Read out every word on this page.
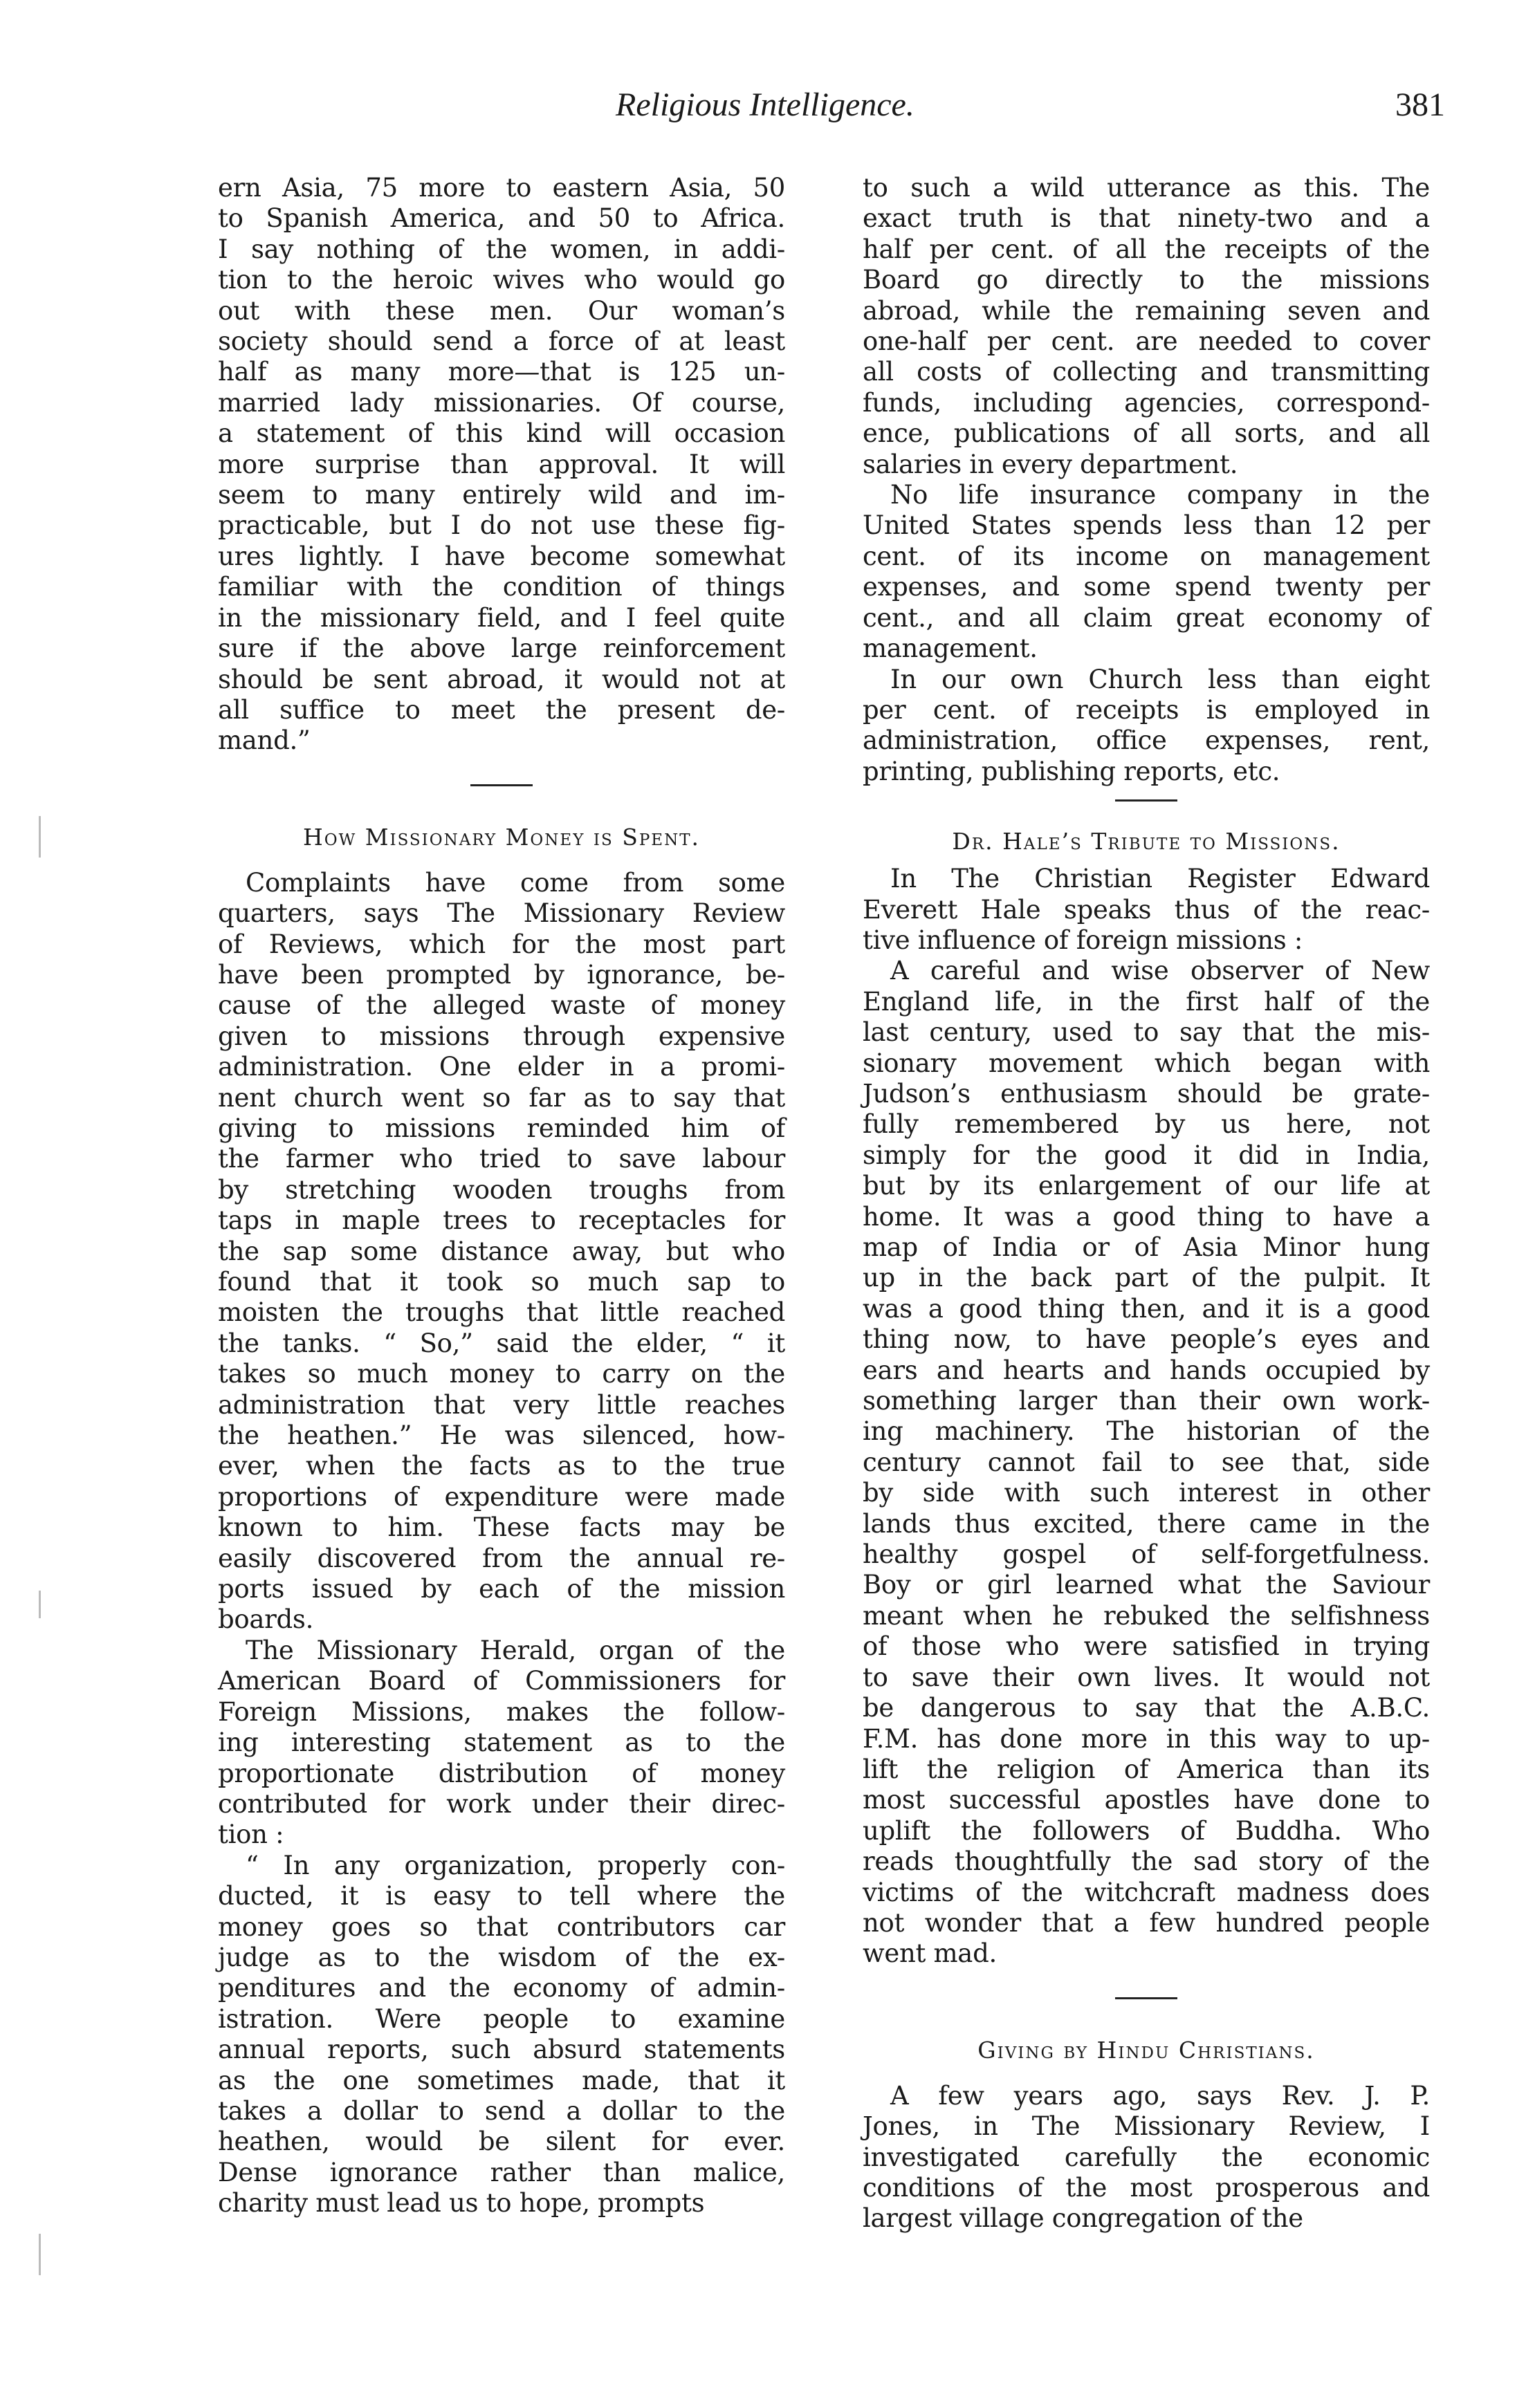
Religious Intelligence.	381
ern Asia, 75 more to eastern Asia, 50
to Spanish America, and 50 to Africa.
I say nothing of the women, in addi-
tion to the heroic wives who would go
out with these men. Our woman’s
society should send a force of at least
half as many more—that is 125 un-
married lady missionaries. Of course,
a statement of this kind will occasion
more surprise than approval. It will
seem to many entirely wild and im-
practicable, but I do not use these fig-
ures lightly. I have become somewhat
familiar with the condition of things
in the missionary field, and I feel quite
sure if the above large reinforcement
should be sent abroad, it would not at
all suffice to meet the present de-
mand.”
How Missionary Money is Spent.
Complaints have come from some
quarters, says The Missionary Review
of Reviews, which for the most part
have been prompted by ignorance, be-
cause of the alleged waste of money
given to missions through expensive
administration. One elder in a promi-
nent church went so far as to say that
giving to missions reminded him of
the farmer who tried to save labour
by stretching wooden troughs from
taps in maple trees to receptacles for
the sap some distance away, but who
found that it took so much sap to
moisten the troughs that little reached
the tanks. “ So,” said the elder, “ it
takes so much money to carry on the
administration that very little reaches
the heathen.” He was silenced, how-
ever, when the facts as to the true
proportions of expenditure were made
known to him. These facts may be
easily discovered from the annual re-
ports issued by each of the mission
boards.
The Missionary Herald, organ of the
American Board of Commissioners for
Foreign Missions, makes the follow-
ing interesting statement as to the
proportionate distribution of money
contributed for work under their direc-
tion :
“ In any organization, properly con-
ducted, it is easy to tell where the
money goes so that contributors car
judge as to the wisdom of the ex-
penditures and the economy of admin-
istration. Were people to examine
annual reports, such absurd statements
as the one sometimes made, that it
takes a dollar to send a dollar to the
heathen, would be silent for ever.
Dense ignorance rather than malice,
charity must lead us to hope, prompts
to such a wild utterance as this. The
exact truth is that ninety-two and a
half per cent. of all the receipts of the
Board go directly to the missions
abroad, while the remaining seven and
one-half per cent. are needed to cover
all costs of collecting and transmitting
funds, including agencies, correspond-
ence, publications of all sorts, and all
salaries in every department.
No life insurance company in the
United States spends less than 12 per
cent. of its income on management
expenses, and some spend twenty per
cent., and all claim great economy of
management.
In our own Church less than eight
per cent. of receipts is employed in
administration, office expenses, rent,
printing, publishing reports, etc.
Dr. Hale’s Tribute to Missions.
In The Christian Register Edward
Everett Hale speaks thus of the reac-
tive influence of foreign missions :
A careful and wise observer of New
England life, in the first half of the
last century, used to say that the mis-
sionary movement which began with
Judson’s enthusiasm should be grate-
fully remembered by us here, not
simply for the good it did in India,
but by its enlargement of our life at
home. It was a good thing to have a
map of India or of Asia Minor hung
up in the back part of the pulpit. It
was a good thing then, and it is a good
thing now, to have people’s eyes and
ears and hearts and hands occupied by
something larger than their own work-
ing machinery. The historian of the
century cannot fail to see that, side
by side with such interest in other
lands thus excited, there came in the
healthy gospel of self-forgetfulness.
Boy or girl learned what the Saviour
meant when he rebuked the selfishness
of those who were satisfied in trying
to save their own lives. It would not
be dangerous to say that the A.B.C.
F.M. has done more in this way to up-
lift the religion of America than its
most successful apostles have done to
uplift the followers of Buddha. Who
reads thoughtfully the sad story of the
victims of the witchcraft madness does
not wonder that a few hundred people
went mad.
Giving by Hindu Christians.
A few years ago, says Rev. J. P.
Jones, in The Missionary Review, I
investigated carefully the economic
conditions of the most prosperous and
largest village congregation of the
